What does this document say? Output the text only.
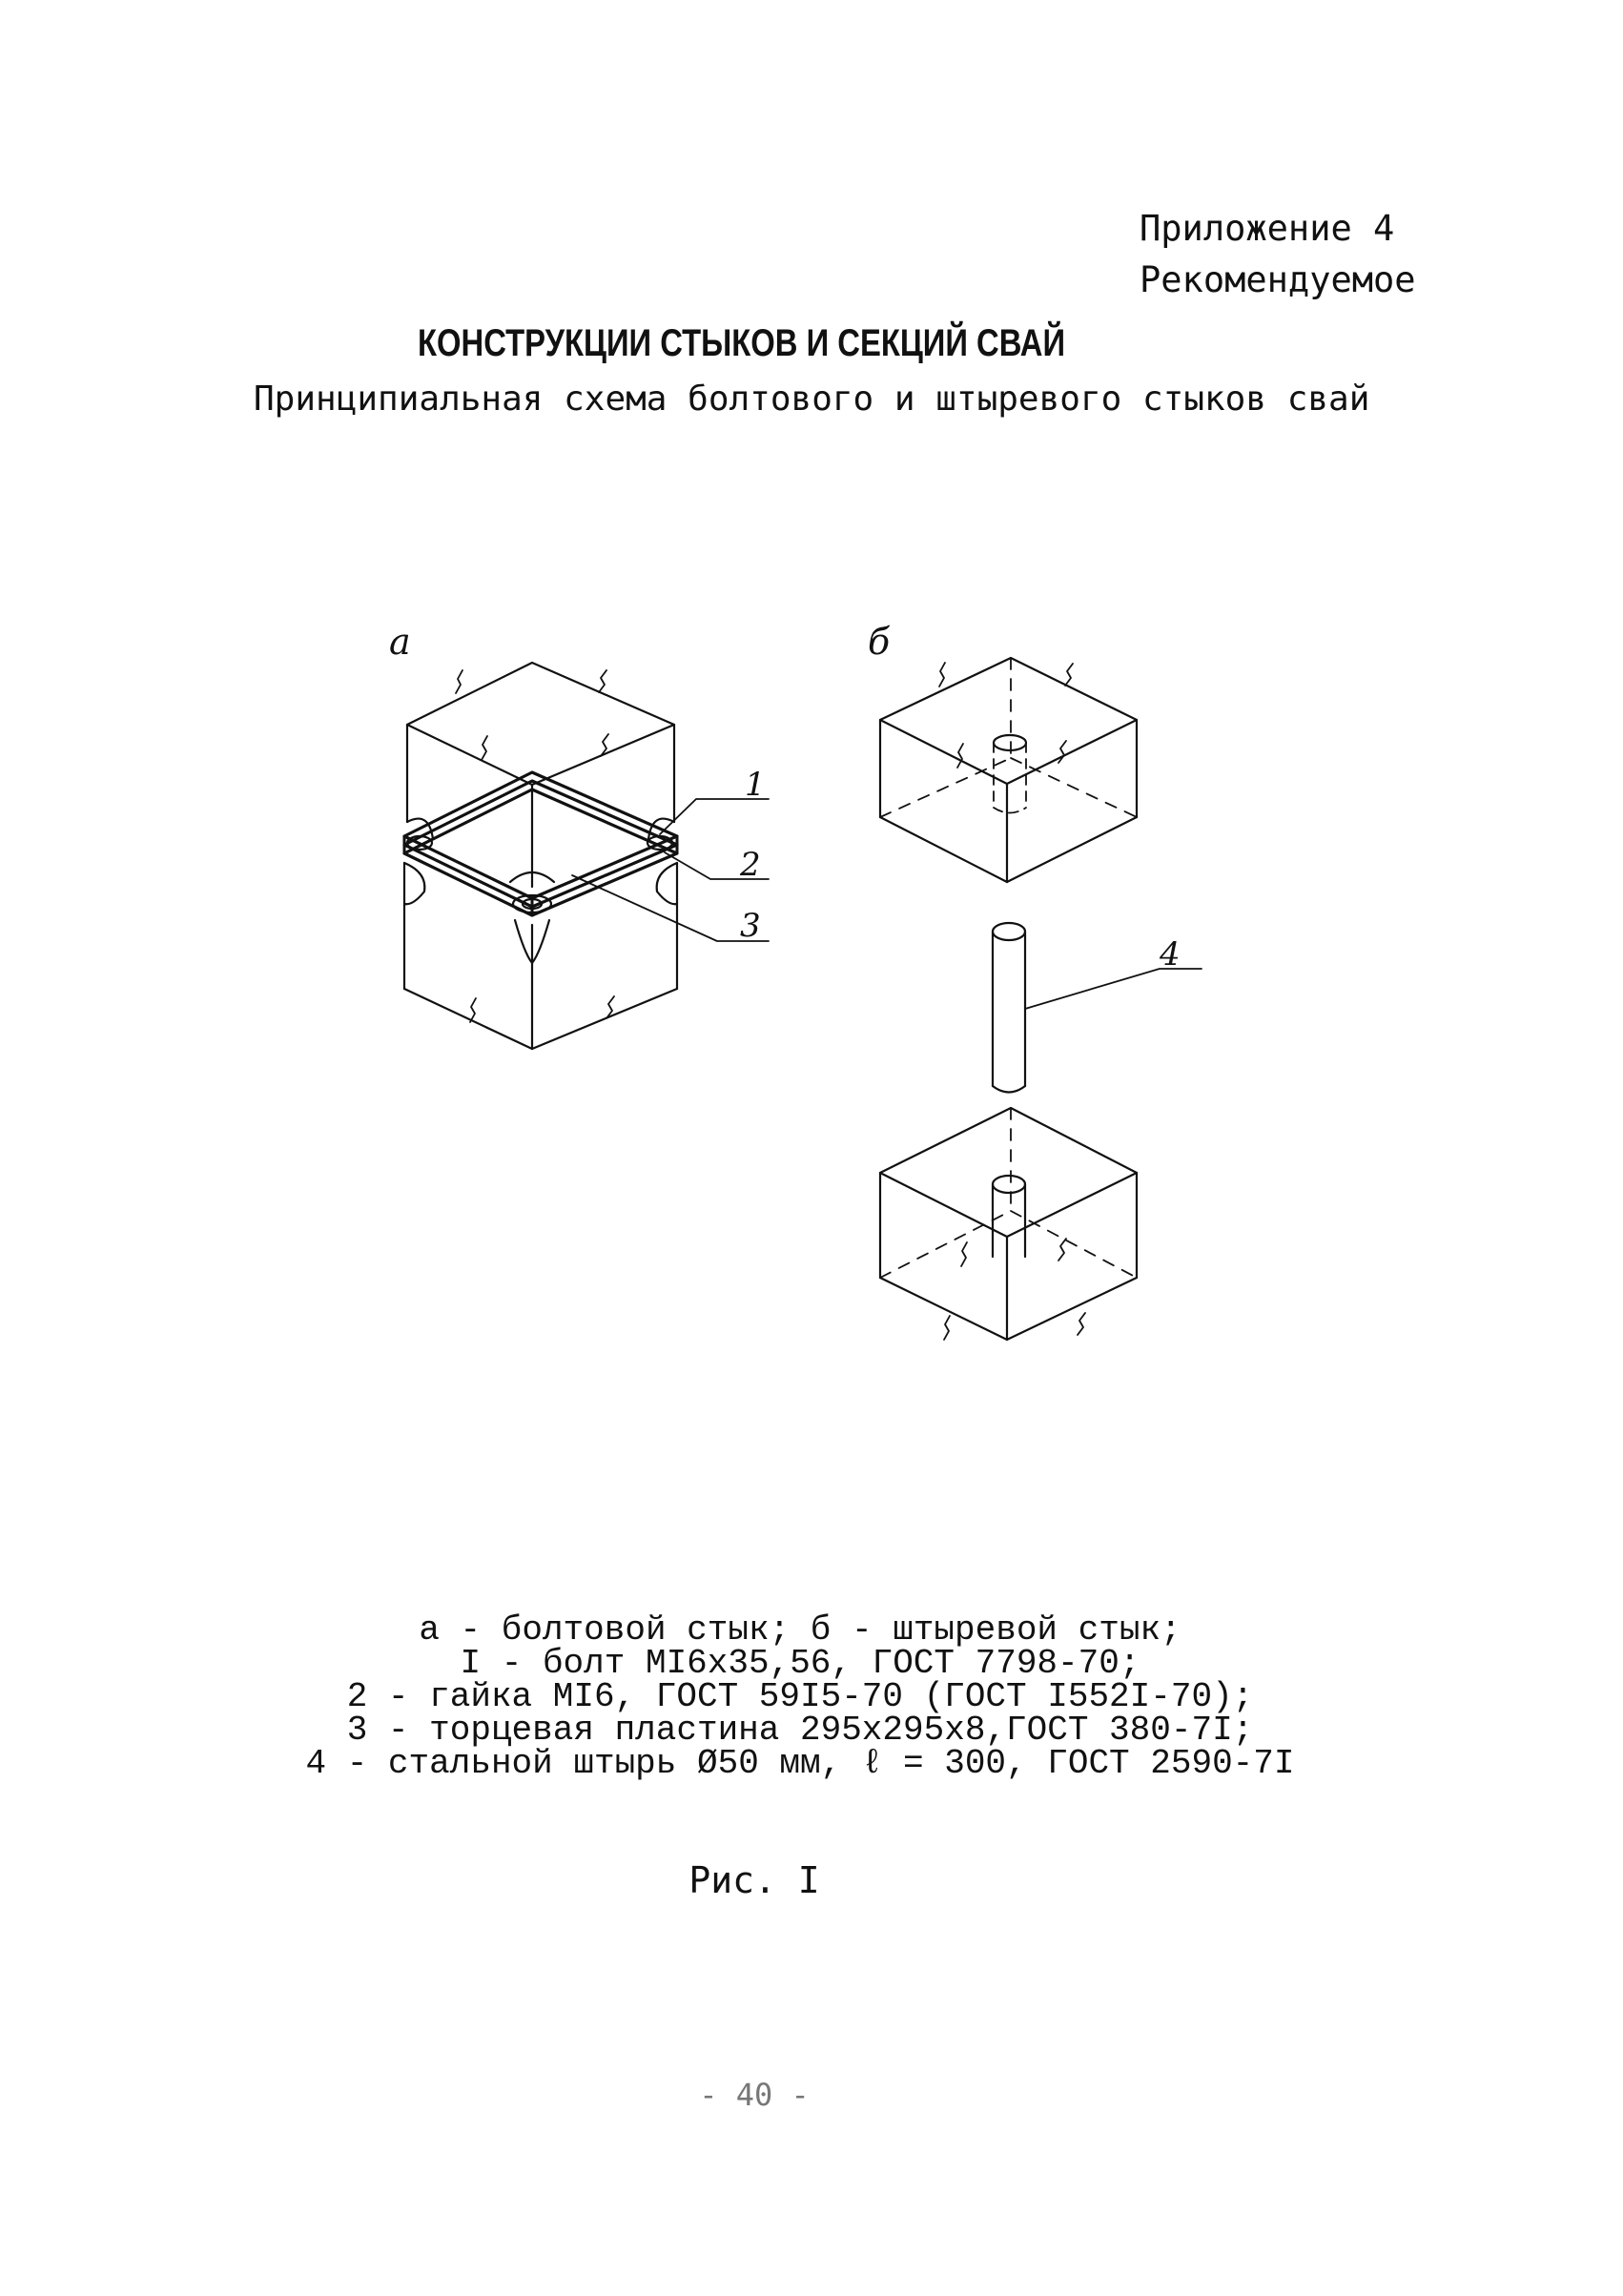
Приложение 4

Рекомендуемое

КОНСТРУКЦИИ СТЫКОВ И СЕКЦИЙ СВАЙ

Принципиальная схема болтового и штыревого стыков свай

а	б
1
2
3
4
а - болтовой стык; б - штыревой стык;
I - болт MI6x35,56, ГОСТ 7798-70;
2 - гайка MI6, ГОСТ 59I5-70 (ГОСТ I552I-70);
3 - торцевая пластина 295x295x8,ГОСТ 380-7I;
4 - стальной штырь Ø50 мм, ℓ = 300, ГОСТ 2590-7I

Рис. I

- 40 -
